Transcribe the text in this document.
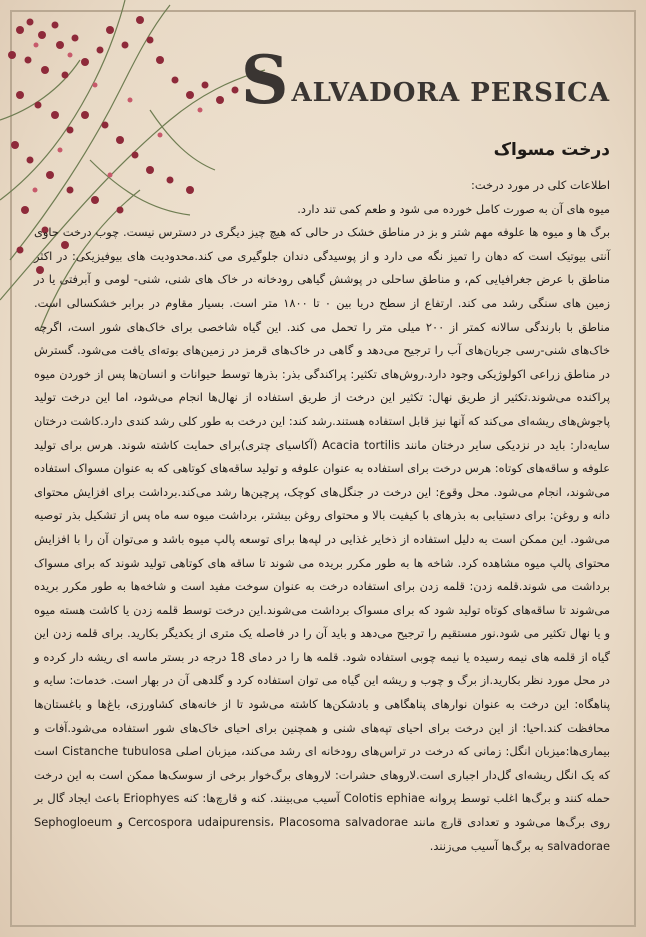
S ALVADORA PERSICA
درخت مسواک

اطلاعات کلی در مورد درخت:

میوه های آن به صورت کامل خورده می شود و طعم کمی تند دارد.

برگ ها و میوه ها علوفه مهم شتر و بز در مناطق خشک در حالی که هیچ چیز دیگری در دسترس نیست. چوب درخت حاوی آنتی بیوتیک است که دهان را تمیز نگه می دارد و از پوسیدگی دندان جلوگیری می کند.محدودیت های بیوفیزیکی: در اکثر مناطق با عرض جغرافیایی کم، و مناطق ساحلی در پوشش گیاهی رودخانه در خاک های شنی، شنی- لومی و آبرفتی یا در زمین های سنگی رشد می کند. ارتفاع از سطح دریا بین ۰ تا ۱۸۰۰ متر است. بسیار مقاوم در برابر خشکسالی است. مناطق با بارندگی سالانه کمتر از ۲۰۰ میلی متر را تحمل می کند. این گیاه شاخصی برای خاک‌های شور است، اگرچه خاک‌های شنی-رسی جریان‌های آب را ترجیح می‌دهد و گاهی در خاک‌های قرمز در زمین‌های بوته‌ای یافت می‌شود. گسترش در مناطق زراعی اکولوژیکی وجود دارد.روش‌های تکثیر: پراکندگی بذر: بذرها توسط حیوانات و انسان‌ها پس از خوردن میوه پراکنده می‌شوند.تکثیر از طریق نهال: تکثیر این درخت از طریق استفاده از نهال‌ها انجام می‌شود، اما این درخت تولید پاجوش‌های ریشه‌ای می‌کند که آنها نیز قابل استفاده هستند.رشد کند: این درخت به طور کلی رشد کندی دارد.کاشت درختان سایه‌دار: باید در نزدیکی سایر درختان مانند Acacia tortilis (آکاسیای چتری)برای حمایت کاشته شوند. هرس برای تولید علوفه و ساقه‌های کوتاه: هرس درخت برای استفاده به عنوان علوفه و تولید ساقه‌های کوتاهی که به عنوان مسواک استفاده می‌شوند، انجام می‌شود. محل وقوع: این درخت در جنگل‌های کوچک، پرچین‌ها رشد می‌کند.برداشت برای افزایش محتوای دانه و روغن: برای دستیابی به بذرهای با کیفیت بالا و محتوای روغن بیشتر، برداشت میوه سه ماه پس از تشکیل بذر توصیه می‌شود. این ممکن است به دلیل استفاده از ذخایر غذایی در لپه‌ها برای توسعه پالپ میوه باشد و می‌توان آن را با افزایش محتوای پالپ میوه مشاهده کرد. شاخه ها به طور مکرر بریده می شوند تا ساقه های کوتاهی تولید شوند که برای مسواک برداشت می شوند.قلمه زدن: قلمه زدن برای استفاده درخت به عنوان سوخت مفید است و شاخه‌ها به طور مکرر بریده می‌شوند تا ساقه‌های کوتاه تولید شود که برای مسواک برداشت می‌شوند.این درخت توسط قلمه زدن یا کاشت هسته میوه و یا نهال تکثیر می شود.نور مستقیم را ترجیح می‌دهد و باید آن را در فاصله یک متری از یکدیگر بکارید. برای قلمه زدن این گیاه از قلمه های نیمه رسیده یا نیمه چوبی استفاده شود. قلمه ها را در دمای 18 درجه در بستر ماسه ای ریشه دار کرده و در محل مورد نظر بکارید.از برگ و چوب و ریشه این گیاه می توان استفاده کرد و گلدهی آن در بهار است. خدمات: سایه و پناهگاه: این درخت به عنوان نوارهای پناهگاهی و بادشکن‌ها کاشته می‌شود تا از خانه‌های کشاورزی، باغ‌ها و باغستان‌ها محافظت کند.احیا: از این درخت برای احیای تپه‌های شنی و همچنین برای احیای خاک‌های شور استفاده می‌شود.آفات و بیماری‌ها:میزبان انگل: زمانی که درخت در تراس‌های رودخانه ای رشد می‌کند، میزبان اصلی Cistanche tubulosa است که یک انگل ریشه‌ای گل‌دار اجباری است.لاروهای حشرات: لاروهای برگ‌خوار برخی از سوسک‌ها ممکن است به این درخت حمله کنند و برگ‌ها اغلب توسط پروانه Colotis ephiae آسیب می‌بینند. کنه و قارچ‌ها: کنه Eriophyes باعث ایجاد گال بر روی برگ‌ها می‌شود و تعدادی قارچ مانند Cercospora udaipurensis، Placosoma salvadorae و Sephogloeum salvadorae به برگ‌ها آسیب می‌زنند.
